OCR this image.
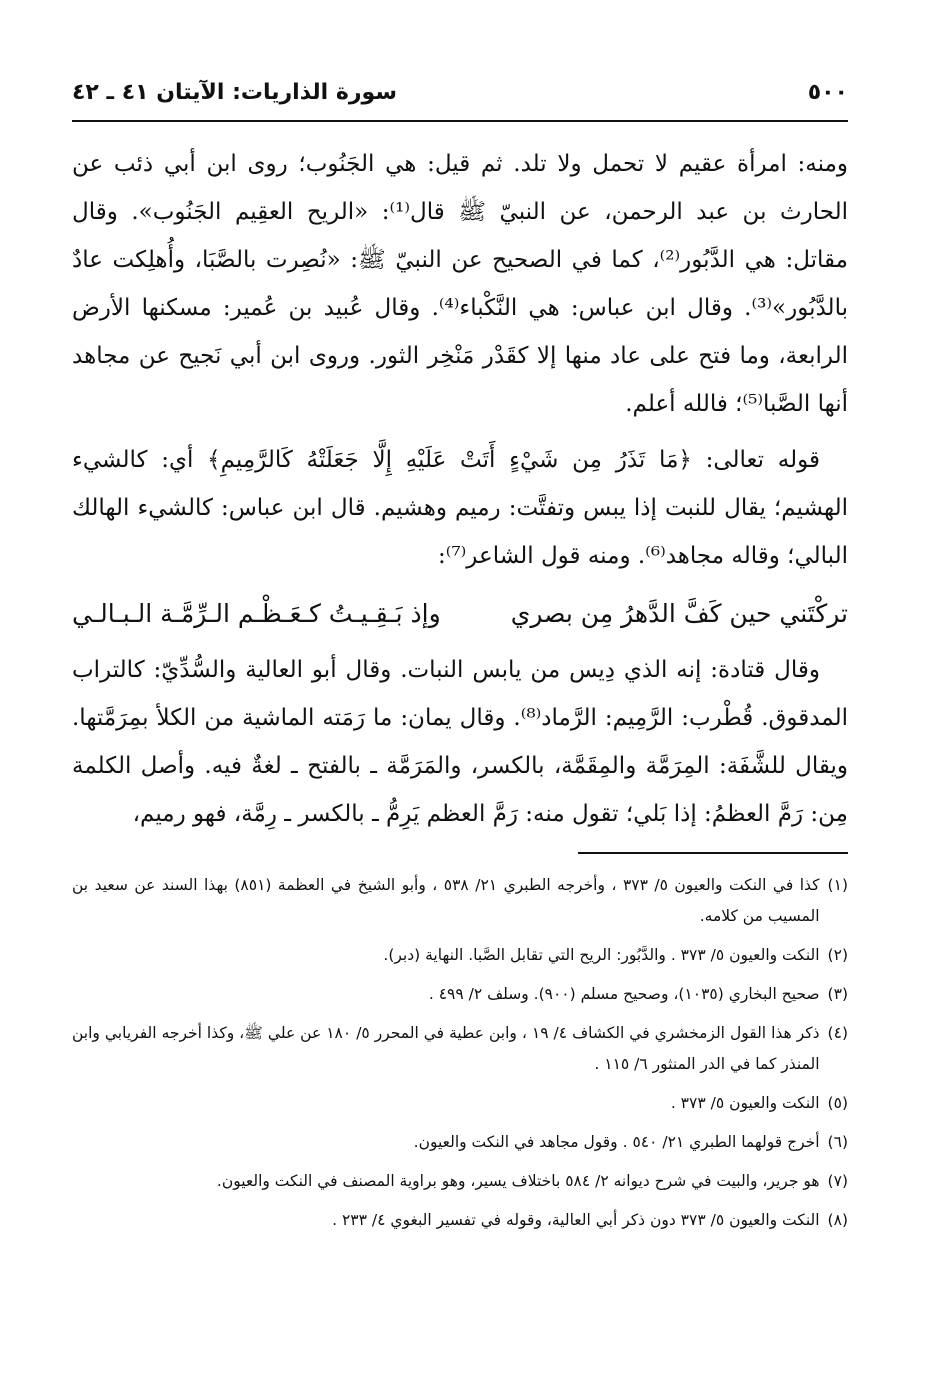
٥٠٠
سورة الذاريات: الآيتان ٤١ ـ ٤٢

ومنه: امرأة عقيم لا تحمل ولا تلد. ثم قيل: هي الجَنُوب؛ روى ابن أبي ذئب عن الحارث بن عبد الرحمن، عن النبيّ ﷺ قال⁽¹⁾: «الريح العقِيم الجَنُوب». وقال مقاتل: هي الدَّبُور⁽²⁾، كما في الصحيح عن النبيّ ﷺ: «نُصِرت بالصَّبَا، وأُهلِكت عادٌ بالدَّبُور»⁽³⁾. وقال ابن عباس: هي النَّكْباء⁽⁴⁾. وقال عُبيد بن عُمير: مسكنها الأرض الرابعة، وما فتح على عاد منها إلا كقَدْر مَنْخِر الثور. وروى ابن أبي نَجيح عن مجاهد أنها الصَّبا⁽⁵⁾؛ فالله أعلم.

قوله تعالى: ﴿مَا تَذَرُ مِن شَيْءٍ أَتَتْ عَلَيْهِ إِلَّا جَعَلَتْهُ كَالرَّمِيمِ﴾ أي: كالشيء الهشيم؛ يقال للنبت إذا يبس وتفتَّت: رميم وهشيم. قال ابن عباس: كالشيء الهالك البالي؛ وقاله مجاهد⁽⁶⁾. ومنه قول الشاعر⁽⁷⁾:

تركْتَني حين كَفَّ الدَّهرُ مِن بصري
وإذ بَـقِـيـتُ كـعَـظْـم الـرِّمَّـة الـبـالـي

وقال قتادة: إنه الذي دِيس من يابس النبات. وقال أبو العالية والسُّدِّيّ: كالتراب المدقوق. قُطْرب: الرَّمِيم: الرَّماد⁽⁸⁾. وقال يمان: ما رَمَته الماشية من الكلأ بمِرَمَّتها. ويقال للشَّفَة: المِرَمَّة والمِقَمَّة، بالكسر، والمَرَمَّة ـ بالفتح ـ لغةٌ فيه. وأصل الكلمة مِن: رَمَّ العظمُ: إذا بَلي؛ تقول منه: رَمَّ العظم يَرِمُّ ـ بالكسر ـ رِمَّة، فهو رميم،

(١)
كذا في النكت والعيون ٥/ ٣٧٣ ، وأخرجه الطبري ٢١/ ٥٣٨ ، وأبو الشيخ في العظمة (٨٥١) بهذا السند عن سعيد بن المسيب من كلامه.
(٢)
النكت والعيون ٥/ ٣٧٣ . والدَّبُور: الريح التي تقابل الصَّبا. النهاية (دبر).
(٣)
صحيح البخاري (١٠٣٥)، وصحيح مسلم (٩٠٠). وسلف ٢/ ٤٩٩ .
(٤)
ذكر هذا القول الزمخشري في الكشاف ٤/ ١٩ ، وابن عطية في المحرر ٥/ ١٨٠ عن علي ﷺ، وكذا أخرجه الفريابي وابن المنذر كما في الدر المنثور ٦/ ١١٥ .
(٥)
النكت والعيون ٥/ ٣٧٣ .
(٦)
أخرج قولهما الطبري ٢١/ ٥٤٠ . وقول مجاهد في النكت والعيون.
(٧)
هو جرير، والبيت في شرح ديوانه ٢/ ٥٨٤ باختلاف يسير، وهو براوية المصنف في النكت والعيون.
(٨)
النكت والعيون ٥/ ٣٧٣ دون ذكر أبي العالية، وقوله في تفسير البغوي ٤/ ٢٣٣ .
